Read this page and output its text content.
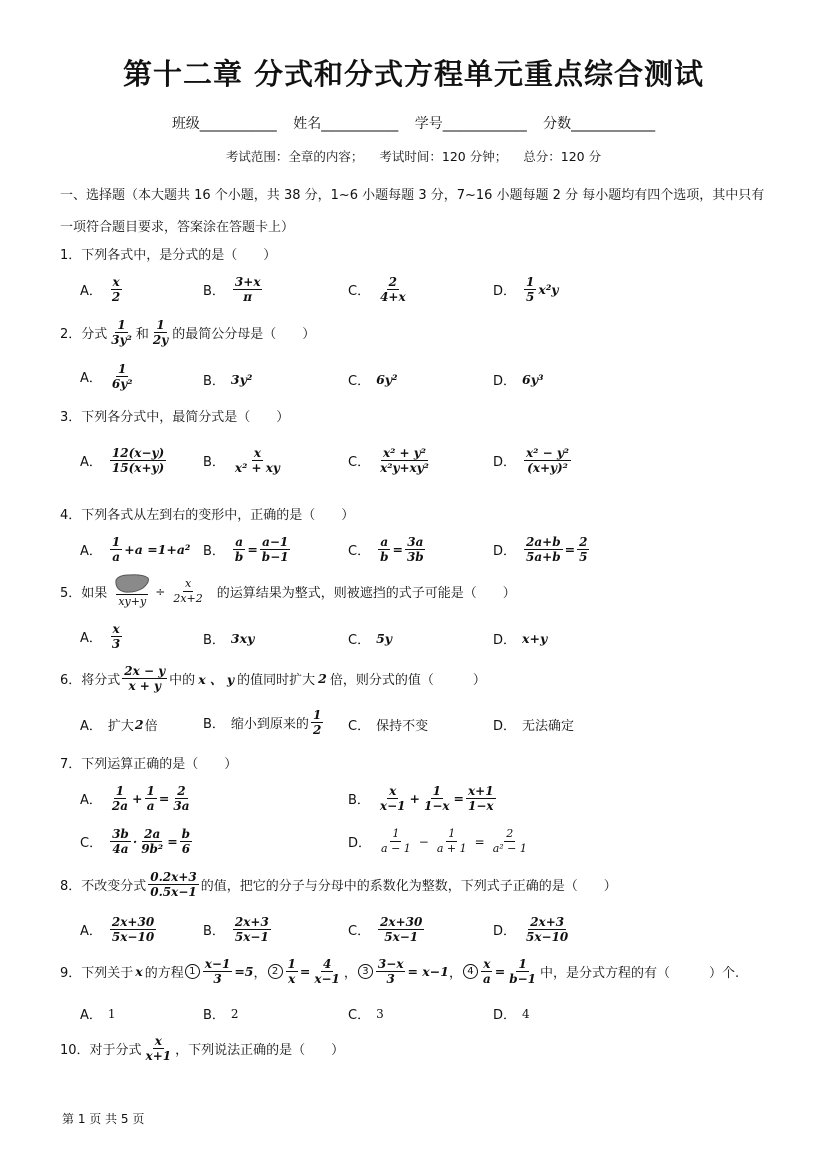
第十二章 分式和分式方程单元重点综合测试
班级___________ 姓名___________ 学号____________ 分数____________
考试范围：全章的内容； 考试时间：120 分钟； 总分：120 分
一、选择题（本大题共 16 个小题，共 38 分，1~6 小题每题 3 分，7~16 小题每题 2 分 每小题均有四个选项，其中只有一项符合题目要求，答案涂在答题卡上）
1．下列各式中，是分式的是（　　）
A． $\frac{x}{2}$	B． $\frac{3+x}{\pi}$	C． $\frac{2}{4+x}$	D． $\frac{1}{5} x^2y$
2．分式 $\frac{1}{\text{3y²}}$ 和 $\frac{1}{2y}$ 的最简公分母是（　　）
A． $\frac{1}{\text{6y²}}$	B． 3y²	C． 6y²	D． 6y³
3．下列各分式中，最简分式是（　　）
A． $\frac{12(x-y)}{15(x+y)}$	B． $\frac{x}{\text{x² + xy}}$	C． $\frac{\text{x² + y²}}{\text{x²y+xy²}}$	D． $\frac{\text{x² − y²}}{\text{(x+y)²}}$
4．下列各式从左到右的变形中，正确的是（　　）
A． $\frac{1}{a} +a =1+a^2$ B． $\frac{a}{b} = \frac{a-1}{b-1}$	C． $\frac{a}{b} = \frac{3a}{3b}$	D． $\frac{2a+b}{5a+b} = \frac{2}{5}$
5．如果
xy+y
÷ $\frac{x}{2x+2}$ 的运算结果为整式，则被遮挡的式子可能是（　　）
A． $\frac{x}{3}$	B． 3xy	C． 5y	D． x+y
6．将分式 $\frac{2x - y}{x + y}$ 中的 x 、 y 的值同时扩大 2 倍，则分式的值（　　　）
A． 扩大 2 倍	B． 缩小到原来的 $\frac{1}{2}$ C． 保持不变	D． 无法确定
7．下列运算正确的是（　　）
A． $\frac{1}{2a} + \frac{1}{a} = \frac{2}{3a}$	B． $\frac{x}{x-1} + \frac{1}{1-x} = \frac{x+1}{1-x}$
C． $\frac{3b}{4a} \cdot \frac{2a}{\text{9b²}} = \frac{b}{6}$	D． $\frac{1}{a - 1} - \frac{1}{a + 1} = \frac{2}{\text{a² − 1}}$
8．不改变分式 $\frac{0.2x+3}{0.5x-1}$ 的值，把它的分子与分母中的系数化为整数，下列式子正确的是（　　）
A． $\frac{2x+30}{5x-10}$	B． $\frac{2x+3}{5x-1}$	C． $\frac{2x+30}{5x-1}$	D． $\frac{2x+3}{5x-10}$
9．下列关于 x 的方程 $1 \frac{x-1}{3} =5$ ， $2 \frac{1}{x} = \frac{4}{x-1}$ ， $3 \frac{3-x}{3} = x-1$ ， $4 \frac{x}{a} = \frac{1}{b-1}$ 中，是分式方程的有（　　　）个.
A． 1	B． 2	C． 3	D． 4
10．对于分式 $\frac{x}{x+1}$ ，下列说法正确的是（　　）
第 1 页 共 5 页
